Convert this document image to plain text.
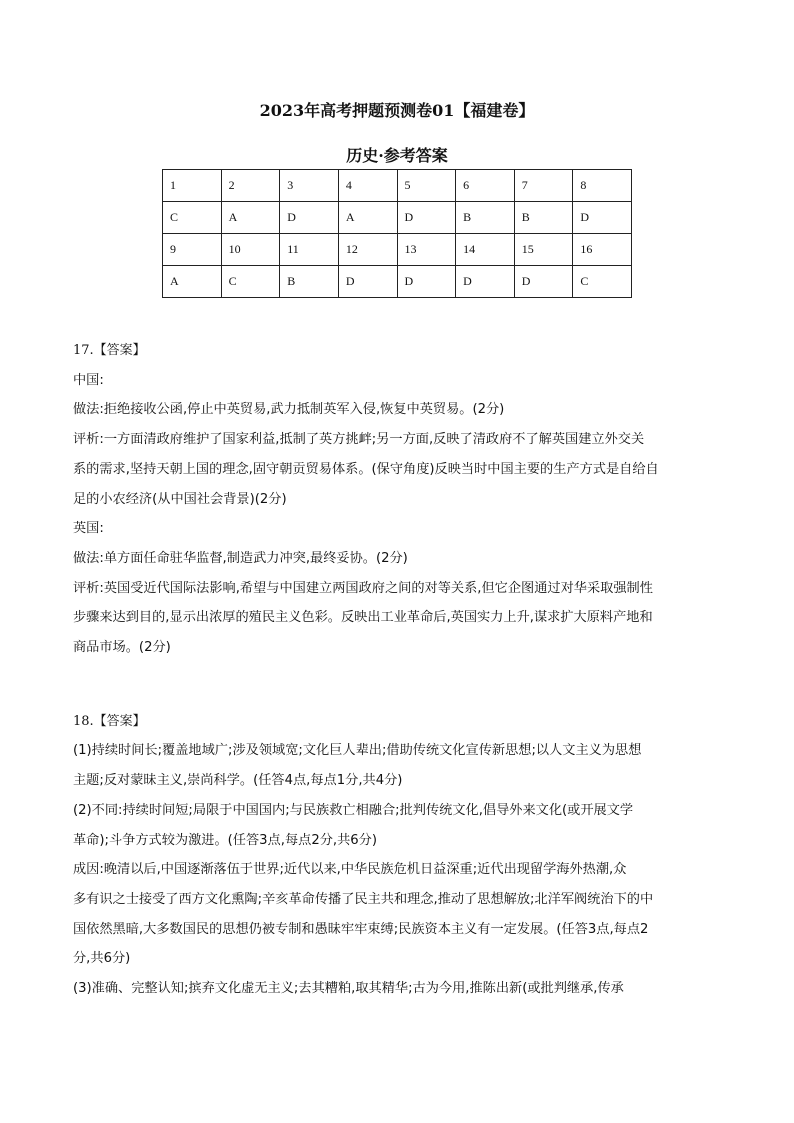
2023年高考押题预测卷01【福建卷】
历史·参考答案
1	2	3	4	5	6	7	8
C	A	D	A	D	B	B	D
9	10	11	12	13	14	15	16
A	C	B	D	D	D	D	C

17.【答案】

中国:

做法:拒绝接收公函,停止中英贸易,武力抵制英军入侵,恢复中英贸易。(2分)

评析:一方面清政府维护了国家利益,抵制了英方挑衅;另一方面,反映了清政府不了解英国建立外交关

系的需求,坚持天朝上国的理念,固守朝贡贸易体系。(保守角度)反映当时中国主要的生产方式是自给自

足的小农经济(从中国社会背景)(2分)

英国:

做法:单方面任命驻华监督,制造武力冲突,最终妥协。(2分)

评析:英国受近代国际法影响,希望与中国建立两国政府之间的对等关系,但它企图通过对华采取强制性

步骤来达到目的,显示出浓厚的殖民主义色彩。反映出工业革命后,英国实力上升,谋求扩大原料产地和

商品市场。(2分)

18.【答案】

(1)持续时间长;覆盖地域广;涉及领域宽;文化巨人辈出;借助传统文化宣传新思想;以人文主义为思想

主题;反对蒙昧主义,崇尚科学。(任答4点,每点1分,共4分)

(2)不同:持续时间短;局限于中国国内;与民族救亡相融合;批判传统文化,倡导外来文化(或开展文学

革命);斗争方式较为激进。(任答3点,每点2分,共6分)

成因:晚清以后,中国逐渐落伍于世界;近代以来,中华民族危机日益深重;近代出现留学海外热潮,众

多有识之士接受了西方文化熏陶;辛亥革命传播了民主共和理念,推动了思想解放;北洋军阀统治下的中

国依然黑暗,大多数国民的思想仍被专制和愚昧牢牢束缚;民族资本主义有一定发展。(任答3点,每点2

分,共6分)

(3)准确、完整认知;摈弃文化虚无主义;去其糟粕,取其精华;古为今用,推陈出新(或批判继承,传承
